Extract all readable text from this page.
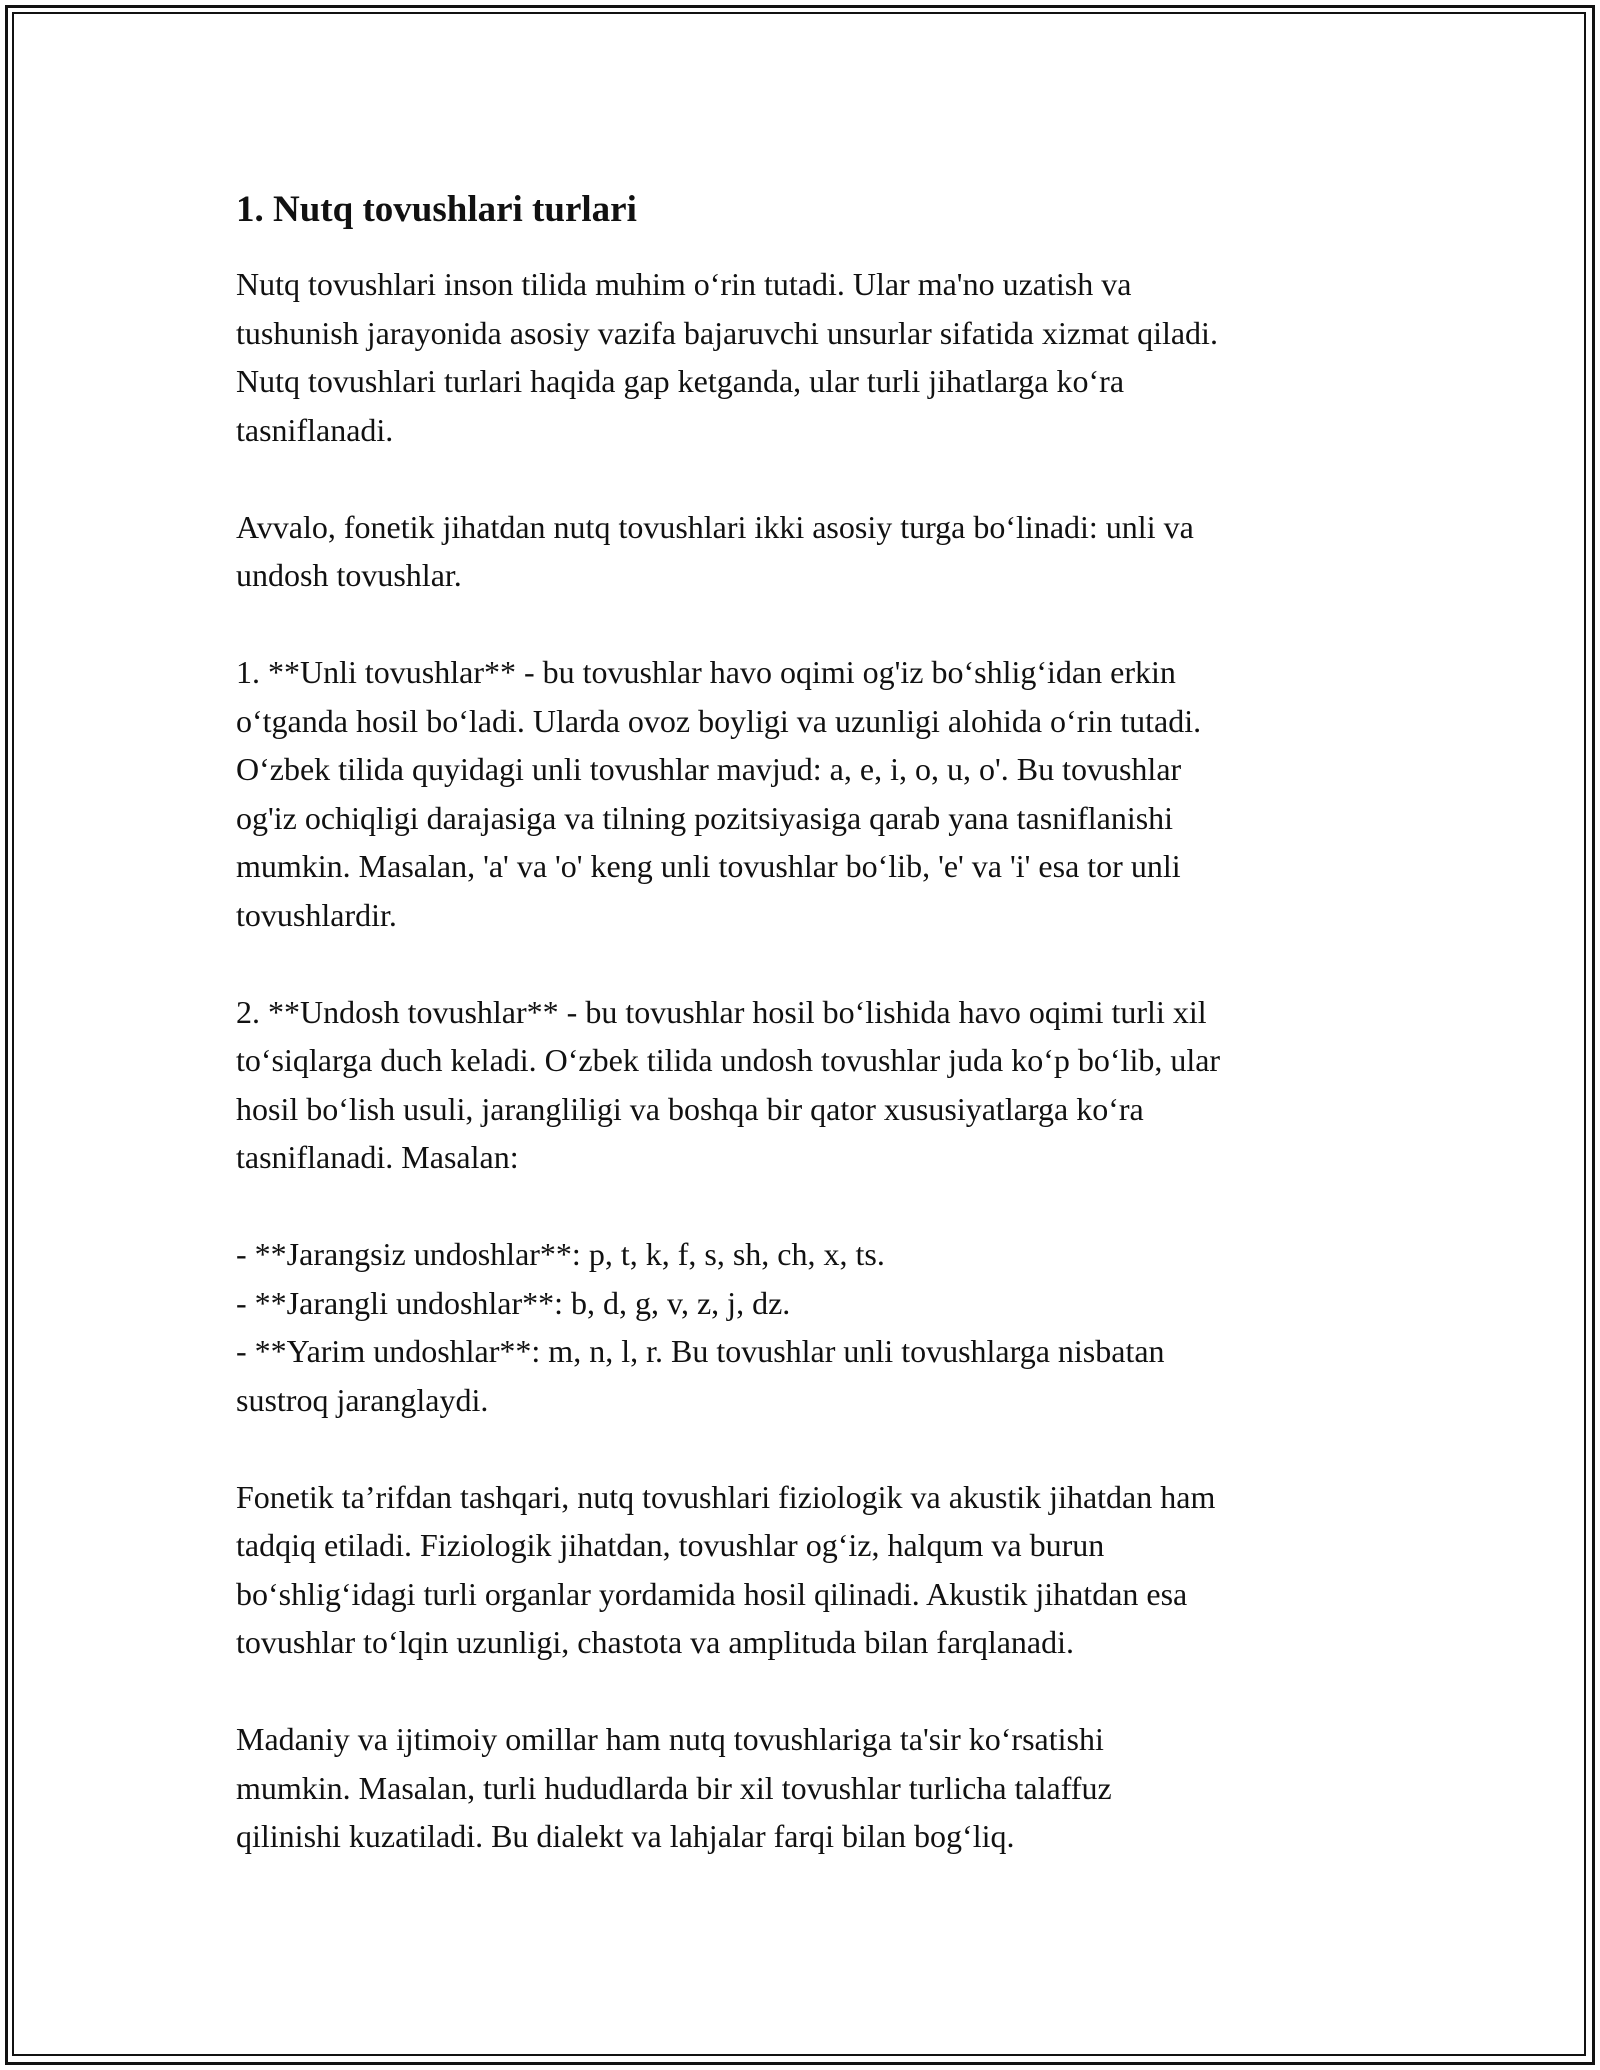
1. Nutq tovushlari turlari

Nutq tovushlari inson tilida muhim o‘rin tutadi. Ular ma'no uzatish va
tushunish jarayonida asosiy vazifa bajaruvchi unsurlar sifatida xizmat qiladi.
Nutq tovushlari turlari haqida gap ketganda, ular turli jihatlarga ko‘ra
tasniflanadi.

Avvalo, fonetik jihatdan nutq tovushlari ikki asosiy turga bo‘linadi: unli va
undosh tovushlar.

1. **Unli tovushlar** - bu tovushlar havo oqimi og'iz bo‘shlig‘idan erkin
o‘tganda hosil bo‘ladi. Ularda ovoz boyligi va uzunligi alohida o‘rin tutadi.
O‘zbek tilida quyidagi unli tovushlar mavjud: a, e, i, o, u, o'. Bu tovushlar
og'iz ochiqligi darajasiga va tilning pozitsiyasiga qarab yana tasniflanishi
mumkin. Masalan, 'a' va 'o' keng unli tovushlar bo‘lib, 'e' va 'i' esa tor unli
tovushlardir.

2. **Undosh tovushlar** - bu tovushlar hosil bo‘lishida havo oqimi turli xil
to‘siqlarga duch keladi. O‘zbek tilida undosh tovushlar juda ko‘p bo‘lib, ular
hosil bo‘lish usuli, jarangliligi va boshqa bir qator xususiyatlarga ko‘ra
tasniflanadi. Masalan:

- **Jarangsiz undoshlar**: p, t, k, f, s, sh, ch, x, ts.
- **Jarangli undoshlar**: b, d, g, v, z, j, dz.
- **Yarim undoshlar**: m, n, l, r. Bu tovushlar unli tovushlarga nisbatan
sustroq jaranglaydi.

Fonetik ta’rifdan tashqari, nutq tovushlari fiziologik va akustik jihatdan ham
tadqiq etiladi. Fiziologik jihatdan, tovushlar og‘iz, halqum va burun
bo‘shlig‘idagi turli organlar yordamida hosil qilinadi. Akustik jihatdan esa
tovushlar to‘lqin uzunligi, chastota va amplituda bilan farqlanadi.

Madaniy va ijtimoiy omillar ham nutq tovushlariga ta'sir ko‘rsatishi
mumkin. Masalan, turli hududlarda bir xil tovushlar turlicha talaffuz
qilinishi kuzatiladi. Bu dialekt va lahjalar farqi bilan bog‘liq.
